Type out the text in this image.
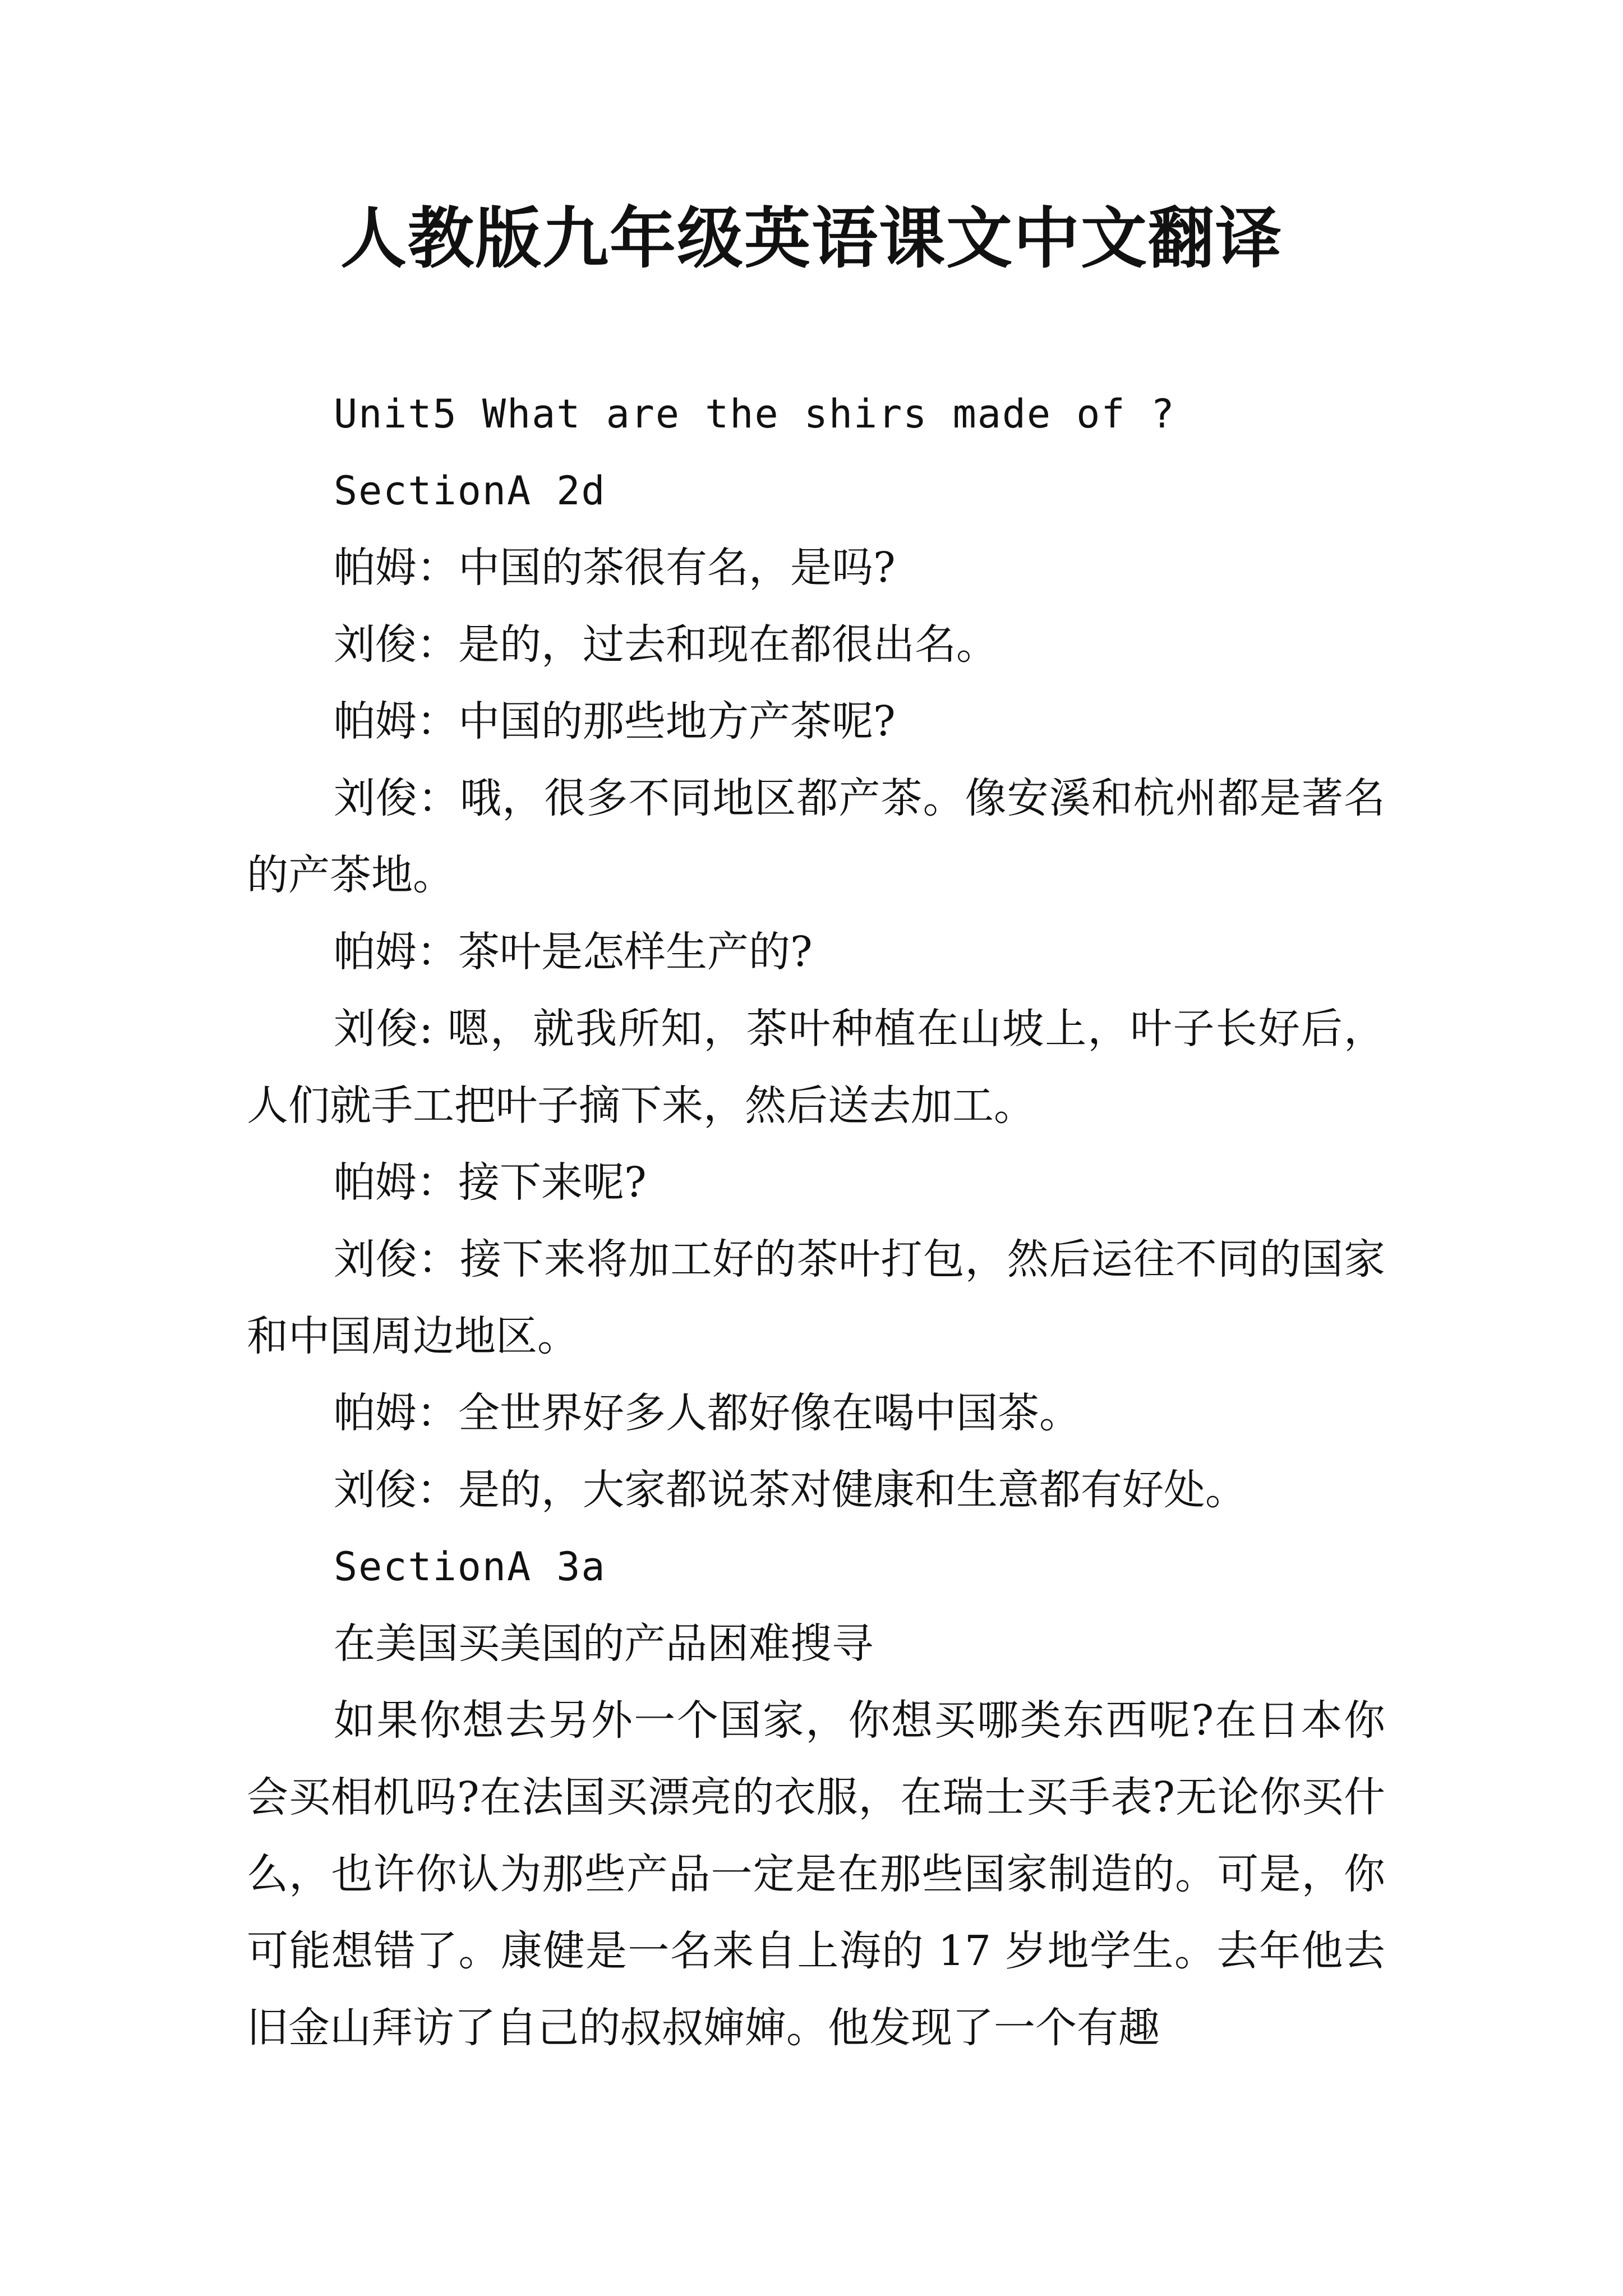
人教版九年级英语课文中文翻译

Unit5 What are the shirs made of ?

SectionA 2d

帕姆：中国的茶很有名，是吗?

刘俊：是的，过去和现在都很出名。

帕姆：中国的那些地方产茶呢?

刘俊：哦，很多不同地区都产茶。像安溪和杭州都是著名的产茶地。

帕姆：茶叶是怎样生产的?

刘俊: 嗯，就我所知，茶叶种植在山坡上，叶子长好后，人们就手工把叶子摘下来，然后送去加工。

帕姆：接下来呢?

刘俊：接下来将加工好的茶叶打包，然后运往不同的国家和中国周边地区。

帕姆：全世界好多人都好像在喝中国茶。

刘俊：是的，大家都说茶对健康和生意都有好处。

SectionA 3a

在美国买美国的产品困难搜寻

如果你想去另外一个国家，你想买哪类东西呢?在日本你会买相机吗?在法国买漂亮的衣服，在瑞士买手表?无论你买什么，也许你认为那些产品一定是在那些国家制造的。可是，你可能想错了。康健是一名来自上海的 17 岁地学生。去年他去旧金山拜访了自己的叔叔婶婶。他发现了一个有趣
